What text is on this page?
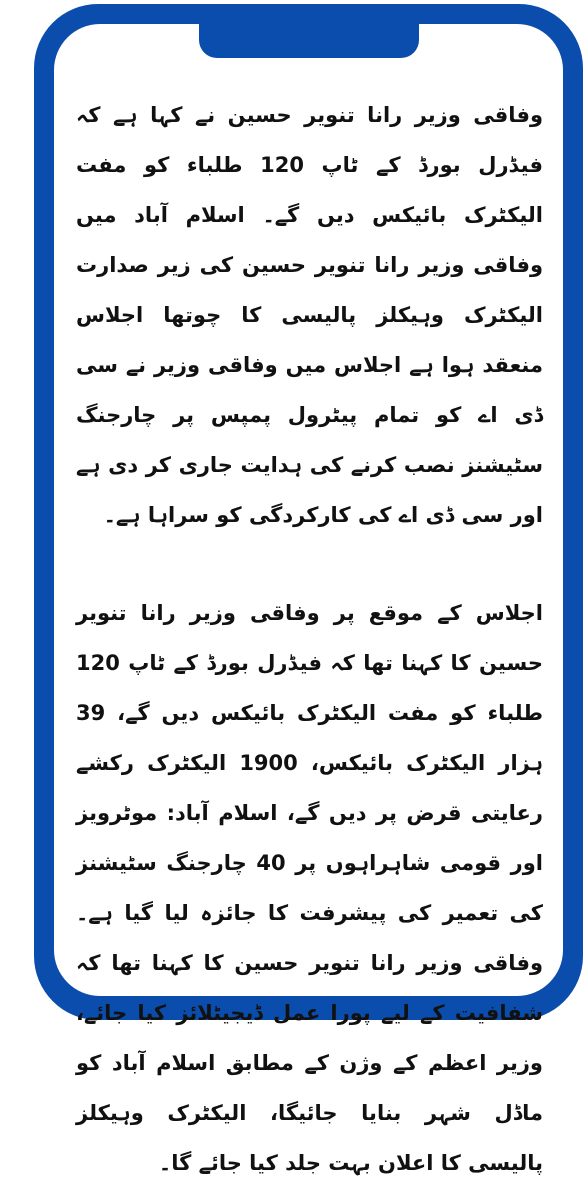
وفاقی وزیر رانا تنویر حسین نے کہا ہے کہ فیڈرل بورڈ کے ٹاپ 120 طلباء کو مفت الیکٹرک بائیکس دیں گے۔ اسلام آباد میں وفاقی وزیر رانا تنویر حسین کی زیر صدارت الیکٹرک وہیکلز پالیسی کا چوتھا اجلاس منعقد ہوا ہے اجلاس میں وفاقی وزیر نے سی ڈی اے کو تمام پیٹرول پمپس پر چارجنگ سٹیشنز نصب کرنے کی ہدایت جاری کر دی ہے اور سی ڈی اے کی کارکردگی کو سراہا ہے۔

اجلاس کے موقع پر وفاقی وزیر رانا تنویر حسین کا کہنا تھا کہ فیڈرل بورڈ کے ٹاپ 120 طلباء کو مفت الیکٹرک بائیکس دیں گے، 39 ہزار الیکٹرک بائیکس، 1900 الیکٹرک رکشے رعایتی قرض پر دیں گے، اسلام آباد: موٹرویز اور قومی شاہراہوں پر 40 چارجنگ سٹیشنز کی تعمیر کی پیشرفت کا جائزہ لیا گیا ہے۔ وفاقی وزیر رانا تنویر حسین کا کہنا تھا کہ شفافیت کے لیے پورا عمل ڈیجیٹلائز کیا جائے، وزیر اعظم کے وژن کے مطابق اسلام آباد کو ماڈل شہر بنایا جائیگا، الیکٹرک وہیکلز پالیسی کا اعلان بہت جلد کیا جائے گا۔
